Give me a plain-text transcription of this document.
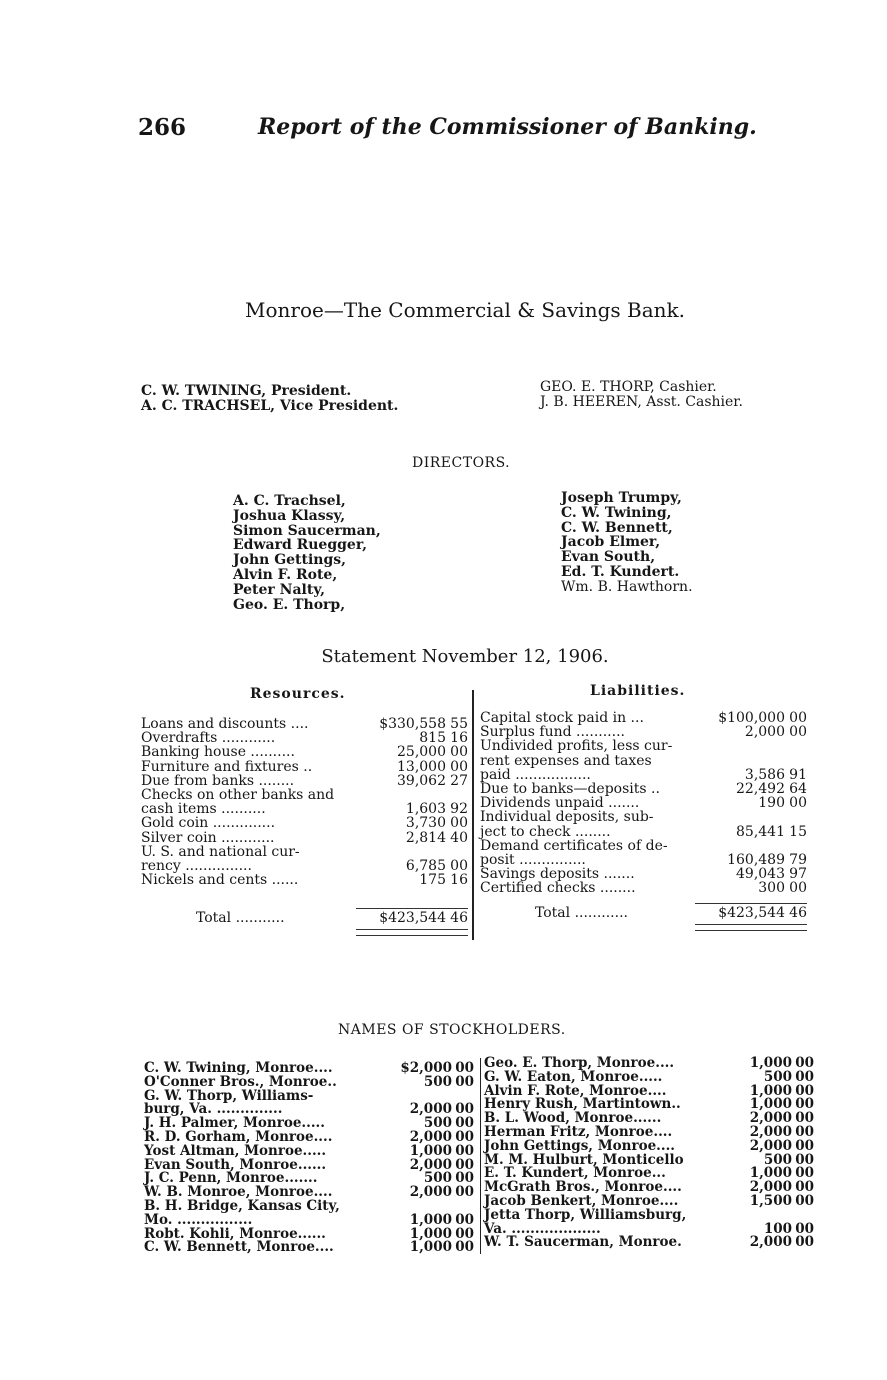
266	Report of the Commissioner of Banking.
Monroe—The Commercial & Savings Bank.
C. W. TWINING, President.
A. C. TRACHSEL, Vice President.
GEO. E. THORP, Cashier.
J. B. HEEREN, Asst. Cashier.
DIRECTORS.
A. C. Trachsel,
Joshua Klassy,
Simon Saucerman,
Edward Ruegger,
John Gettings,
Alvin F. Rote,
Peter Nalty,
Geo. E. Thorp,
Joseph Trumpy,
C. W. Twining,
C. W. Bennett,
Jacob Elmer,
Evan South,
Ed. T. Kundert.
Wm. B. Hawthorn.
Statement November 12, 1906.
Resources.	Liabilities.
Loans and discounts ....	$330,558 55
Overdrafts ............	815 16
Banking house ..........	25,000 00
Furniture and fixtures ..	13,000 00
Due from banks ........	39,062 27
Checks on other banks and
cash items ..........	1,603 92
Gold coin ..............	3,730 00
Silver coin ............	2,814 40
U. S. and national cur-
rency ...............	6,785 00
Nickels and cents ......	175 16
Total ...........	$423,544 46
Capital stock paid in ...	$100,000 00
Surplus fund ...........	2,000 00
Undivided profits, less cur-
rent expenses and taxes
paid .................	3,586 91
Due to banks—deposits ..	22,492 64
Dividends unpaid .......	190 00
Individual deposits, sub-
ject to check ........	85,441 15
Demand certificates of de-
posit ...............	160,489 79
Savings deposits .......	49,043 97
Certified checks ........	300 00
Total ............	$423,544 46
NAMES OF STOCKHOLDERS.
C. W. Twining, Monroe....	$2,000 00
O'Conner Bros., Monroe..	500 00
G. W. Thorp, Williams-
burg, Va. ..............	2,000 00
J. H. Palmer, Monroe.....	500 00
R. D. Gorham, Monroe....	2,000 00
Yost Altman, Monroe.....	1,000 00
Evan South, Monroe......	2,000 00
J. C. Penn, Monroe.......	500 00
W. B. Monroe, Monroe....	2,000 00
B. H. Bridge, Kansas City,
Mo. ................	1,000 00
Robt. Kohli, Monroe......	1,000 00
C. W. Bennett, Monroe....	1,000 00
Geo. E. Thorp, Monroe....	1,000 00
G. W. Eaton, Monroe.....	500 00
Alvin F. Rote, Monroe....	1,000 00
Henry Rush, Martintown..	1,000 00
B. L. Wood, Monroe......	2,000 00
Herman Fritz, Monroe....	2,000 00
John Gettings, Monroe....	2,000 00
M. M. Hulburt, Monticello	500 00
E. T. Kundert, Monroe...	1,000 00
McGrath Bros., Monroe....	2,000 00
Jacob Benkert, Monroe....	1,500 00
Jetta Thorp, Williamsburg,
Va. ...................	100 00
W. T. Saucerman, Monroe.	2,000 00
